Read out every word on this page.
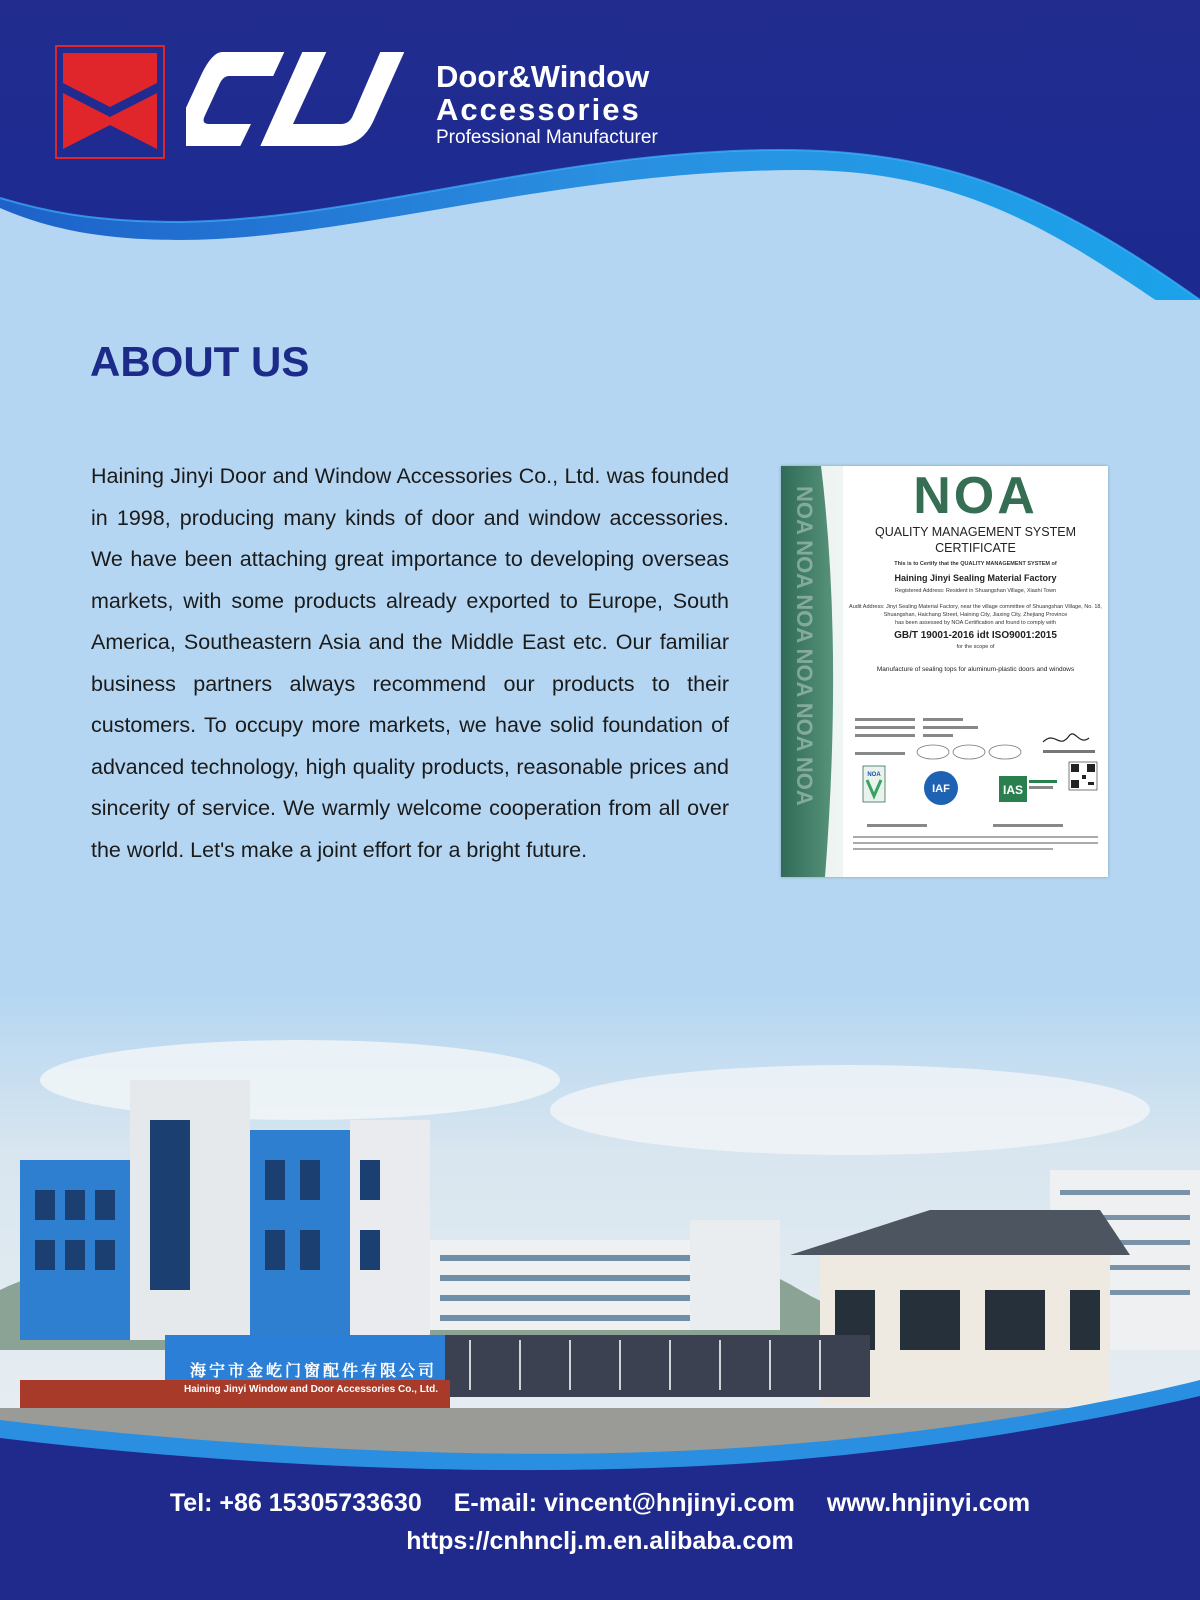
Door&Window
Accessories
Professional Manufacturer
ABOUT US

Haining Jinyi Door and Window Accessories Co., Ltd. was founded in 1998, producing many kinds of door and window accessories. We have been attaching great importance to developing overseas markets, with some products already exported to Europe, South America, Southeastern Asia and the Middle East etc. Our familiar business partners always recommend our products to their customers. To occupy more markets, we have solid foundation of advanced technology, high quality products, reasonable prices and sincerity of service. We warmly welcome cooperation from all over the world. Let's make a joint effort for a bright future.

NOA NOA NOA NOA NOA NOA	NOA
QUALITY MANAGEMENT SYSTEM
CERTIFICATE
This is to Certify that the QUALITY MANAGEMENT SYSTEM of
Haining Jinyi Sealing Material Factory
Registered Address: Resident in Shuangshan Village, Xiashi Town
Audit Address: Jinyi Sealing Material Factory, near the village committee of Shuangshan Village, No. 18, Shuangshan, Haichang Street, Haining City, Jiaxing City, Zhejiang Province
has been assessed by NOA Certification and found to comply with
GB/T 19001-2016 idt ISO9001:2015
for the scope of
Manufacture of sealing tops for aluminum-plastic doors and windows
NOA
IAF	IAS
海宁市金屹门窗配件有限公司
Haining Jinyi Window and Door Accessories Co., Ltd.
Tel: +86 15305733630 E-mail: vincent@hnjinyi.com www.hnjinyi.com
https://cnhnclj.m.en.alibaba.com
